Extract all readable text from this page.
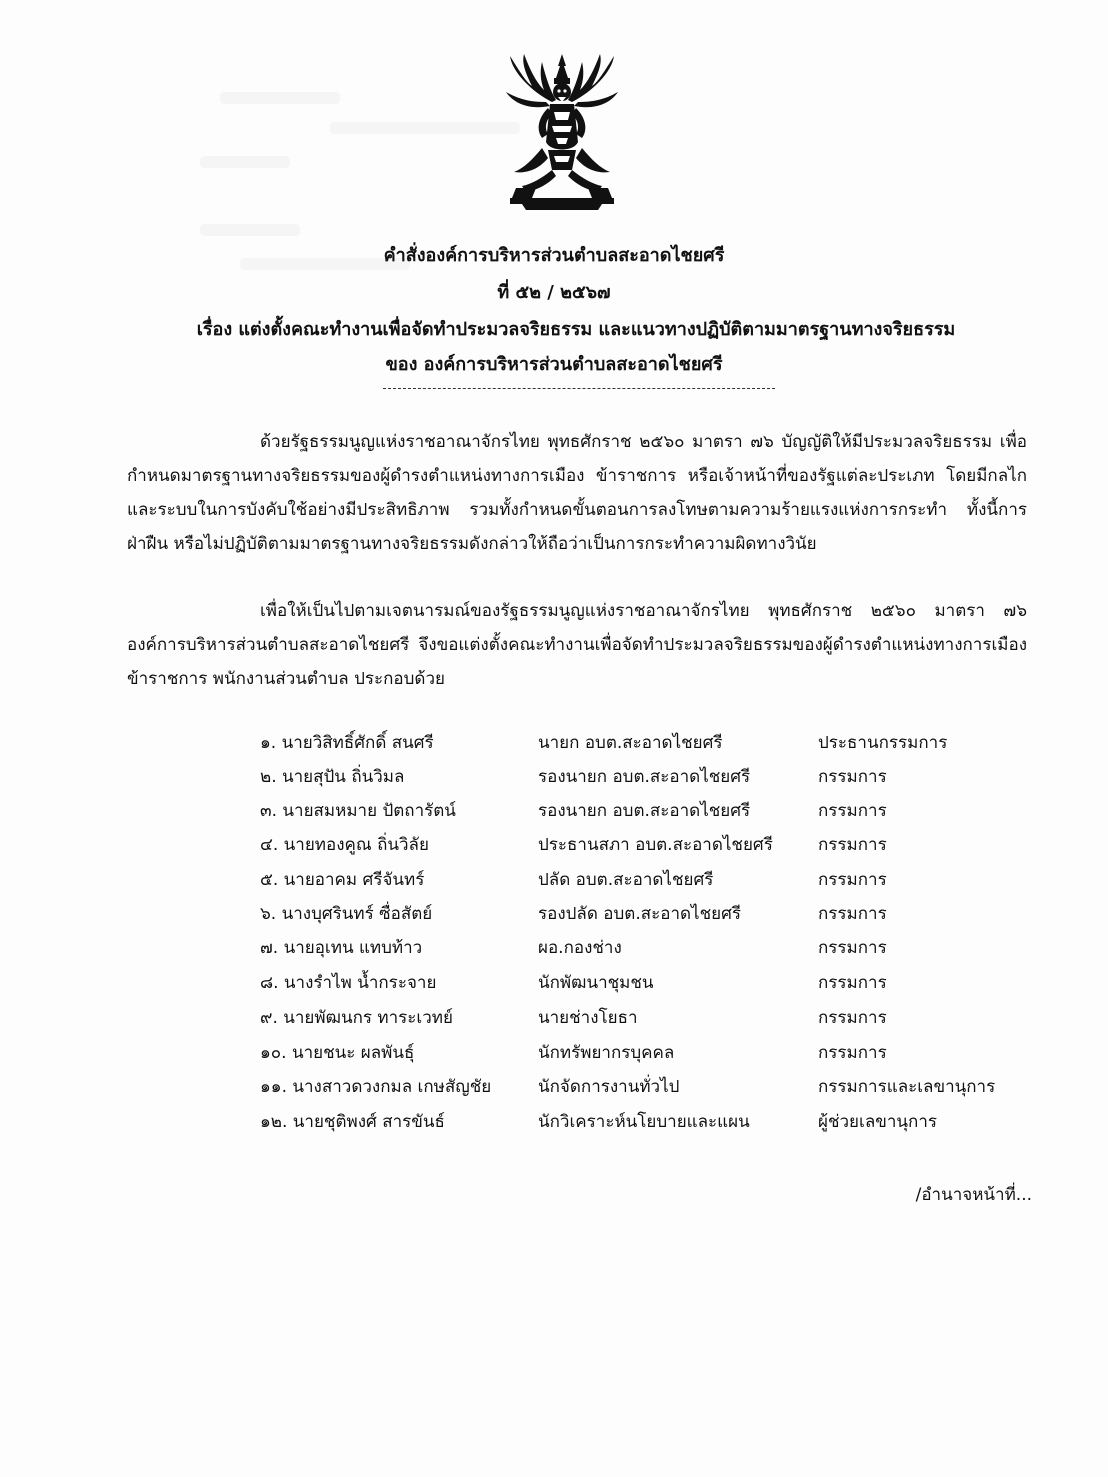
คำสั่งองค์การบริหารส่วนตำบลสะอาดไชยศรี
ที่ ๕๒ / ๒๕๖๗
เรื่อง แต่งตั้งคณะทำงานเพื่อจัดทำประมวลจริยธรรม และแนวทางปฏิบัติตามมาตรฐานทางจริยธรรม
ของ องค์การบริหารส่วนตำบลสะอาดไชยศรี
ด้วยรัฐธรรมนูญแห่งราชอาณาจักรไทย พุทธศักราช ๒๕๖๐ มาตรา ๗๖ บัญญัติให้มีประมวลจริยธรรม เพื่อกำหนดมาตรฐานทางจริยธรรมของผู้ดำรงตำแหน่งทางการเมือง ข้าราชการ หรือเจ้าหน้าที่ของรัฐแต่ละประเภท โดยมีกลไกและระบบในการบังคับใช้อย่างมีประสิทธิภาพ รวมทั้งกำหนดขั้นตอนการลงโทษตามความร้ายแรงแห่งการกระทำ ทั้งนี้การฝ่าฝืน หรือไม่ปฏิบัติตามมาตรฐานทางจริยธรรมดังกล่าวให้ถือว่าเป็นการกระทำความผิดทางวินัย
เพื่อให้เป็นไปตามเจตนารมณ์ของรัฐธรรมนูญแห่งราชอาณาจักรไทย พุทธศักราช ๒๕๖๐ มาตรา ๗๖ องค์การบริหารส่วนตำบลสะอาดไชยศรี จึงขอแต่งตั้งคณะทำงานเพื่อจัดทำประมวลจริยธรรมของผู้ดำรงตำแหน่งทางการเมือง ข้าราชการ พนักงานส่วนตำบล ประกอบด้วย
๑. นายวิสิทธิ์ศักดิ์ สนศรี	นายก อบต.สะอาดไชยศรี	ประธานกรรมการ
๒. นายสุปัน ถิ่นวิมล	รองนายก อบต.สะอาดไชยศรี	กรรมการ
๓. นายสมหมาย ปัตถารัตน์	รองนายก อบต.สะอาดไชยศรี	กรรมการ
๔. นายทองคูณ ถิ่นวิลัย	ประธานสภา อบต.สะอาดไชยศรี	กรรมการ
๕. นายอาคม ศรีจันทร์	ปลัด อบต.สะอาดไชยศรี	กรรมการ
๖. นางบุศรินทร์ ซื่อสัตย์	รองปลัด อบต.สะอาดไชยศรี	กรรมการ
๗. นายอุเทน แทบท้าว	ผอ.กองช่าง	กรรมการ
๘. นางรำไพ น้ำกระจาย	นักพัฒนาชุมชน	กรรมการ
๙. นายพัฒนกร ทาระเวทย์	นายช่างโยธา	กรรมการ
๑๐. นายชนะ ผลพันธุ์	นักทรัพยากรบุคคล	กรรมการ
๑๑. นางสาวดวงกมล เกษสัญชัย	นักจัดการงานทั่วไป	กรรมการและเลขานุการ
๑๒. นายชุติพงศ์ สารขันธ์	นักวิเคราะห์นโยบายและแผน	ผู้ช่วยเลขานุการ
/อำนาจหน้าที่...
